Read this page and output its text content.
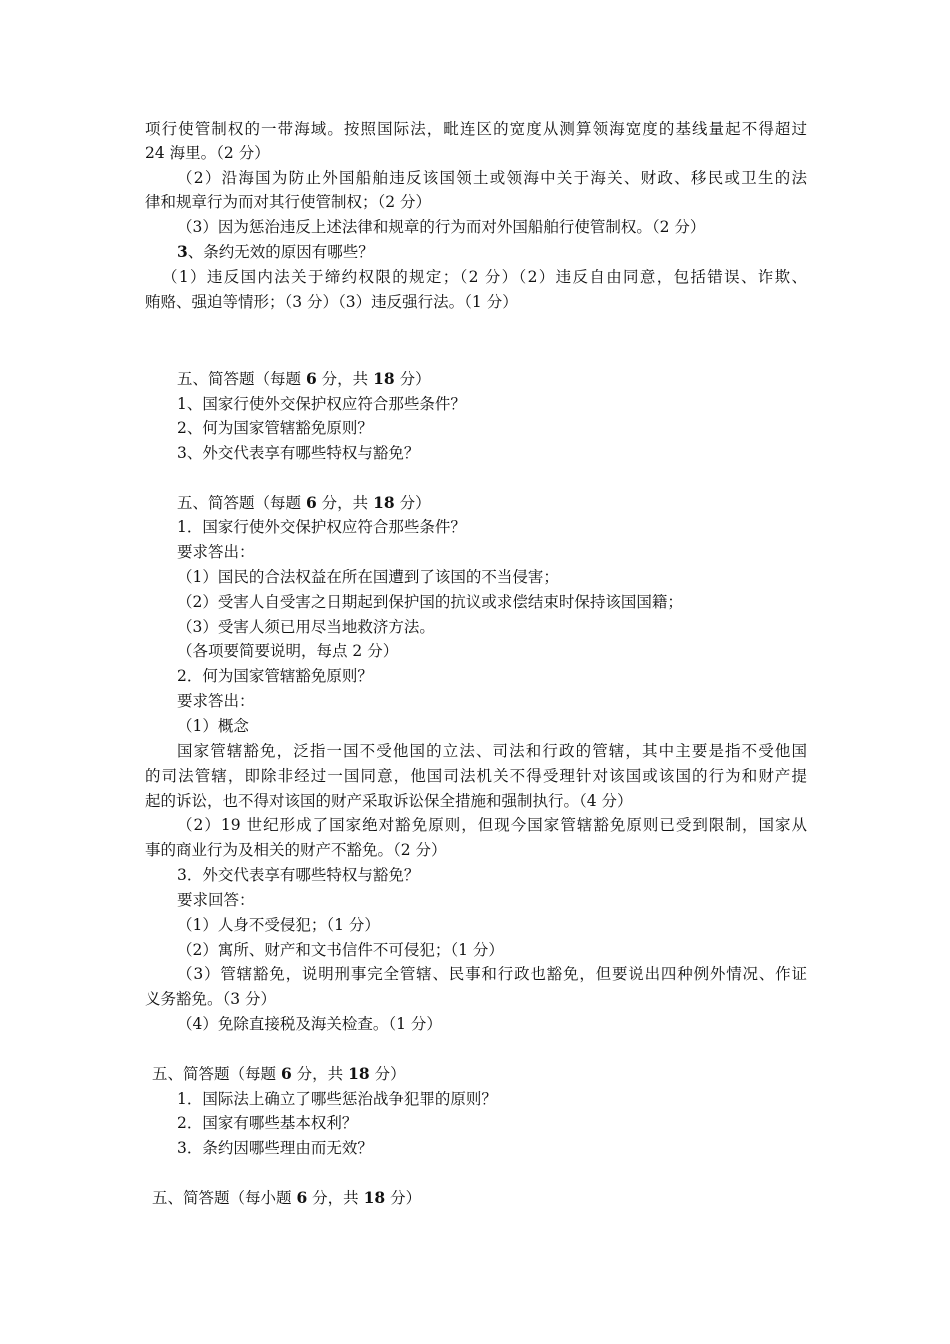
项行使管制权的一带海域。按照国际法，毗连区的宽度从测算领海宽度的基线量起不得超过
24 海里。（2 分）
（2）沿海国为防止外国船舶违反该国领土或领海中关于海关、财政、移民或卫生的法
律和规章行为而对其行使管制权；（2 分）
（3）因为惩治违反上述法律和规章的行为而对外国船舶行使管制权。（2 分）
3、条约无效的原因有哪些？
（1）违反国内法关于缔约权限的规定；（2 分）（2）违反自由同意，包括错误、诈欺、
贿赂、强迫等情形；（3 分）（3）违反强行法。（1 分）
五、简答题（每题 6 分，共 18 分）
1、国家行使外交保护权应符合那些条件？
2、何为国家管辖豁免原则？
3、外交代表享有哪些特权与豁免？
五、简答题（每题 6 分，共 18 分）
1．国家行使外交保护权应符合那些条件？
要求答出：
（1）国民的合法权益在所在国遭到了该国的不当侵害；
（2）受害人自受害之日期起到保护国的抗议或求偿结束时保持该国国籍；
（3）受害人须已用尽当地救济方法。
（各项要简要说明，每点 2 分）
2．何为国家管辖豁免原则？
要求答出：
（1）概念
国家管辖豁免，泛指一国不受他国的立法、司法和行政的管辖，其中主要是指不受他国
的司法管辖，即除非经过一国同意，他国司法机关不得受理针对该国或该国的行为和财产提
起的诉讼，也不得对该国的财产采取诉讼保全措施和强制执行。（4 分）
（2）19 世纪形成了国家绝对豁免原则，但现今国家管辖豁免原则已受到限制，国家从
事的商业行为及相关的财产不豁免。（2 分）
3．外交代表享有哪些特权与豁免？
要求回答：
（1）人身不受侵犯；（1 分）
（2）寓所、财产和文书信件不可侵犯；（1 分）
（3）管辖豁免，说明刑事完全管辖、民事和行政也豁免，但要说出四种例外情况、作证
义务豁免。（3 分）
（4）免除直接税及海关检查。（1 分）
五、简答题（每题 6 分，共 18 分）
1．国际法上确立了哪些惩治战争犯罪的原则？
2．国家有哪些基本权利？
3．条约因哪些理由而无效？
五、简答题（每小题 6 分，共 18 分）
